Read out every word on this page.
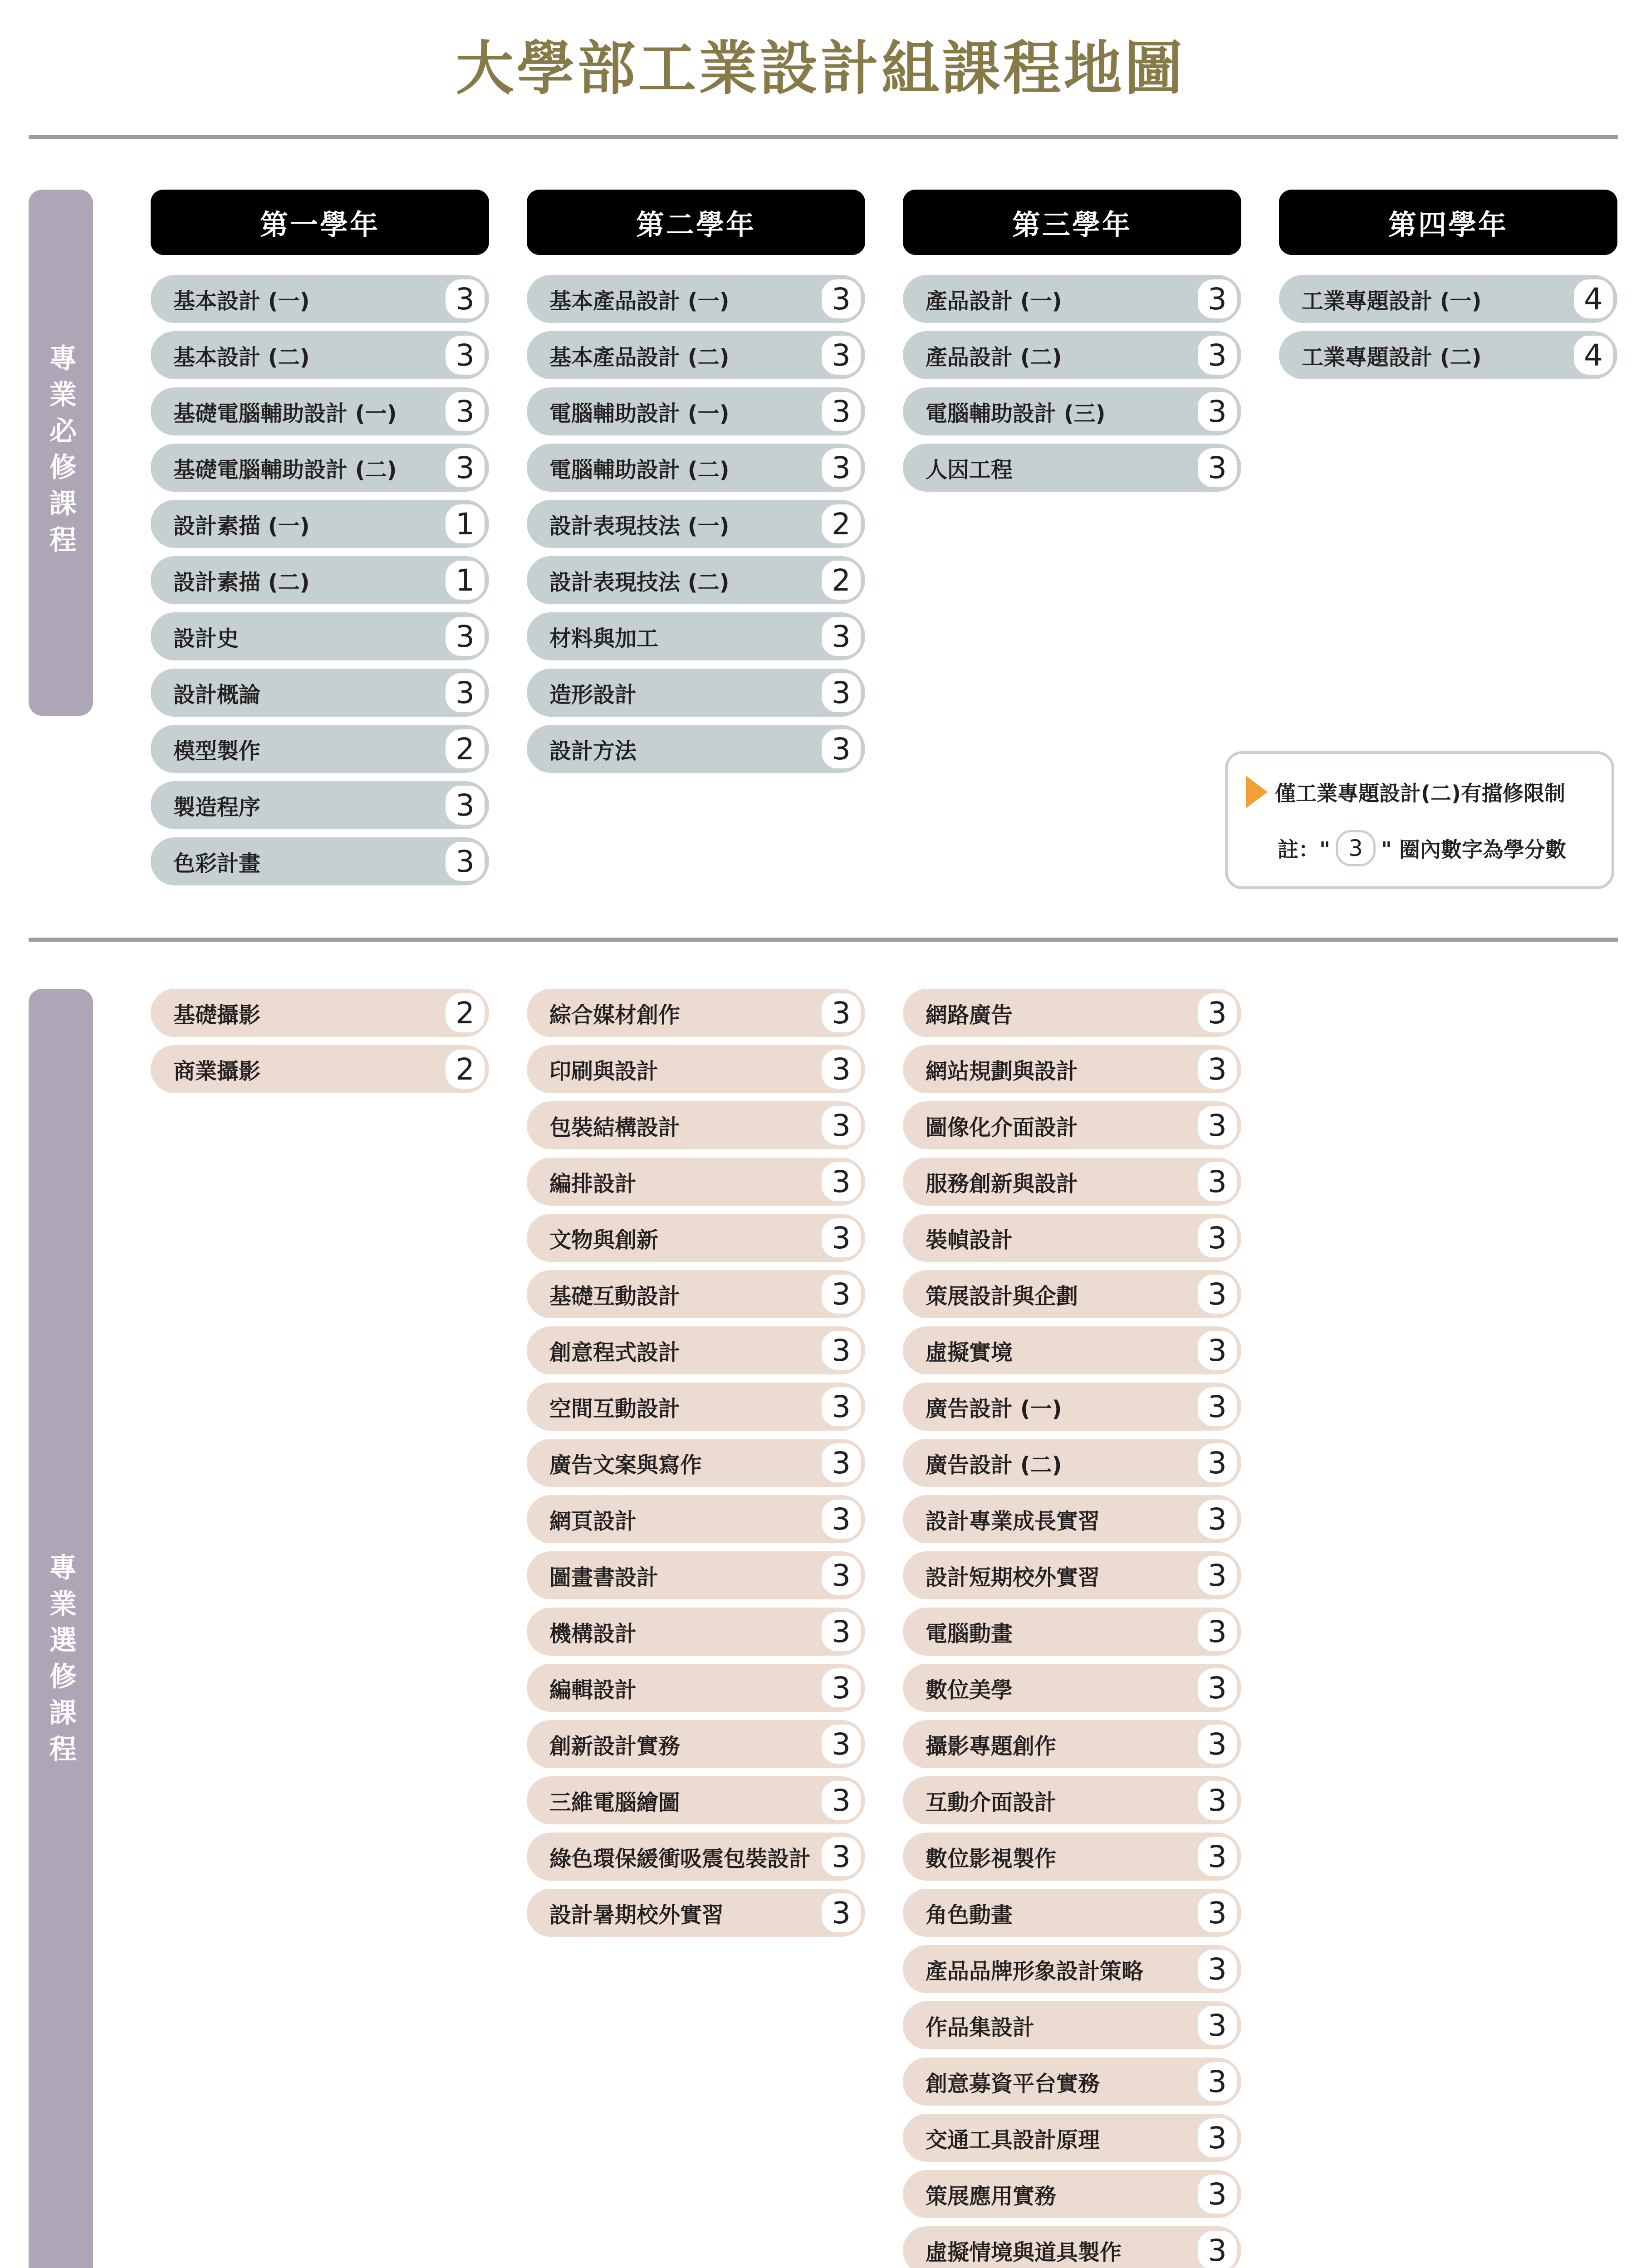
大學部工業設計組課程地圖
專業必修課程
第一學年	第二學年	第三學年	第四學年
基本設計 (一)	3
基本設計 (二)	3
基礎電腦輔助設計 (一)	3
基礎電腦輔助設計 (二)	3
設計素描 (一)	1
設計素描 (二)	1
設計史	3
設計概論	3
模型製作	2
製造程序	3
色彩計畫	3
基本產品設計 (一)	3
基本產品設計 (二)	3
電腦輔助設計 (一)	3
電腦輔助設計 (二)	3
設計表現技法 (一)	2
設計表現技法 (二)	2
材料與加工	3
造形設計	3
設計方法	3
產品設計 (一)	3
產品設計 (二)	3
電腦輔助設計 (三)	3
人因工程	3
工業專題設計 (一)	4
工業專題設計 (二)	4
僅工業專題設計(二)有擋修限制
註：" 3 " 圈內數字為學分數
專業選修課程
基礎攝影	2
商業攝影	2
綜合媒材創作	3
印刷與設計	3
包裝結構設計	3
編排設計	3
文物與創新	3
基礎互動設計	3
創意程式設計	3
空間互動設計	3
廣告文案與寫作	3
網頁設計	3
圖畫書設計	3
機構設計	3
編輯設計	3
創新設計實務	3
三維電腦繪圖	3
綠色環保緩衝吸震包裝設計 3
設計暑期校外實習	3
網路廣告	3
網站規劃與設計	3
圖像化介面設計	3
服務創新與設計	3
裝幀設計	3
策展設計與企劃	3
虛擬實境	3
廣告設計 (一)	3
廣告設計 (二)	3
設計專業成長實習	3
設計短期校外實習	3
電腦動畫	3
數位美學	3
攝影專題創作	3
互動介面設計	3
數位影視製作	3
角色動畫	3
產品品牌形象設計策略	3
作品集設計	3
創意募資平台實務	3
交通工具設計原理	3
策展應用實務	3
虛擬情境與道具製作	3
